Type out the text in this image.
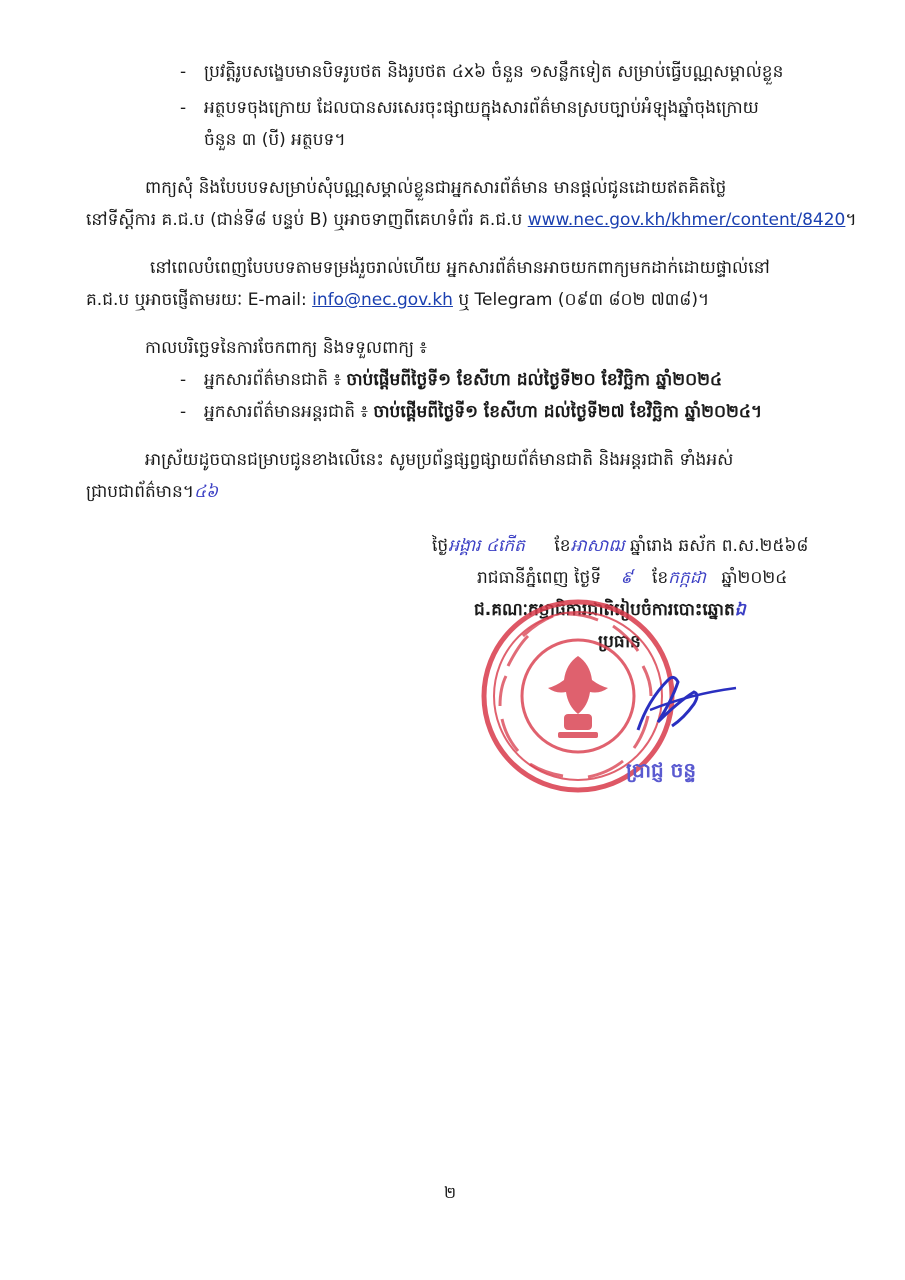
- ប្រវត្តិរូបសង្ខេបមានបិទរូបថត និងរូបថត ៤x៦ ចំនួន ១សន្លឹកទៀត សម្រាប់ធ្វើបណ្ណសម្គាល់ខ្លួន
- អត្ថបទចុងក្រោយ ដែលបានសរសេរចុះផ្សាយក្នុងសារព័ត៌មានស្របច្បាប់អំឡុងឆ្នាំចុងក្រោយ
ចំនួន ៣ (បី) អត្ថបទ។
ពាក្យសុំ និងបែបបទសម្រាប់សុំបណ្ណសម្គាល់ខ្លួនជាអ្នកសារព័ត៌មាន មានផ្តល់ជូនដោយឥតគិតថ្លៃ
នៅទីស្តីការ គ.ជ.ប (ជាន់ទី៨ បន្ទប់ B) ឬអាចទាញពីគេហទំព័រ គ.ជ.ប www.nec.gov.kh/khmer/content/8420។
នៅពេលបំពេញបែបបទតាមទម្រង់រួចរាល់ហើយ អ្នកសារព័ត៌មានអាចយកពាក្យមកដាក់ដោយផ្ទាល់នៅ
គ.ជ.ប ឬអាចផ្ញើតាមរយៈ E-mail: info@nec.gov.kh ឬ Telegram (០៩៣ ៨០២ ៧៣៨)។
កាលបរិច្ឆេទនៃការចែកពាក្យ និងទទួលពាក្យ ៖
- អ្នកសារព័ត៌មានជាតិ ៖ ចាប់ផ្តើមពីថ្ងៃទី១ ខែសីហា ដល់ថ្ងៃទី២០ ខែវិច្ឆិកា ឆ្នាំ២០២៤
- អ្នកសារព័ត៌មានអន្តរជាតិ ៖ ចាប់ផ្តើមពីថ្ងៃទី១ ខែសីហា ដល់ថ្ងៃទី២៧ ខែវិច្ឆិកា ឆ្នាំ២០២៤។
អាស្រ័យដូចបានជម្រាបជូនខាងលើនេះ សូមប្រព័ន្ធផ្សព្វផ្សាយព័ត៌មានជាតិ និងអន្តរជាតិ ទាំងអស់
ជ្រាបជាព័ត៌មាន។៤៦
ថ្ងៃអង្គារ ៤កើត ខែអាសាឍ ឆ្នាំរោង ឆស័ក ព.ស.២៥៦៨
រាជធានីភ្នំពេញ ថ្ងៃទី ៩ ខែកក្កដា ឆ្នាំ២០២៤
ជ.គណៈកម្មាធិការជាតិរៀបចំការបោះឆ្នោតឯ
ប្រធាន
ប្រាជ្ញ ចន្ទ
២
